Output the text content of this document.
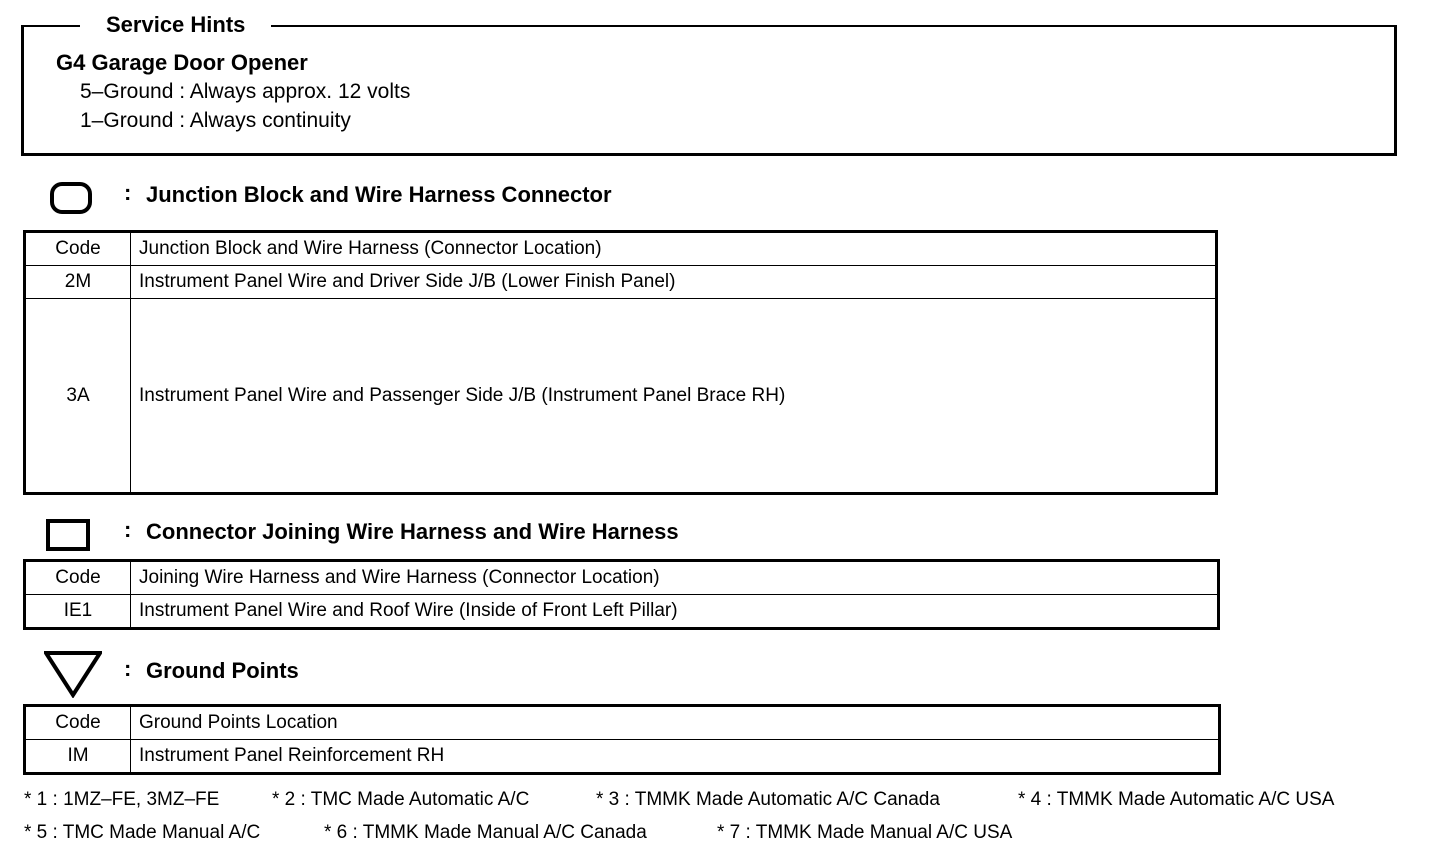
G4 Garage Door Opener
5–Ground : Always approx. 12 volts
1–Ground : Always continuity
Service Hints
: Junction Block and Wire Harness Connector
Code	Junction Block and Wire Harness (Connector Location)
2M	Instrument Panel Wire and Driver Side J/B (Lower Finish Panel)
3A	Instrument Panel Wire and Passenger Side J/B (Instrument Panel Brace RH)
: Connector Joining Wire Harness and Wire Harness
Code	Joining Wire Harness and Wire Harness (Connector Location)
IE1	Instrument Panel Wire and Roof Wire (Inside of Front Left Pillar)
: Ground Points
Code	Ground Points Location
IM	Instrument Panel Reinforcement RH
* 1 : 1MZ–FE, 3MZ–FE	* 2 : TMC Made Automatic A/C	* 3 : TMMK Made Automatic A/C Canada	* 4 : TMMK Made Automatic A/C USA
* 5 : TMC Made Manual A/C	* 6 : TMMK Made Manual A/C Canada	* 7 : TMMK Made Manual A/C USA
